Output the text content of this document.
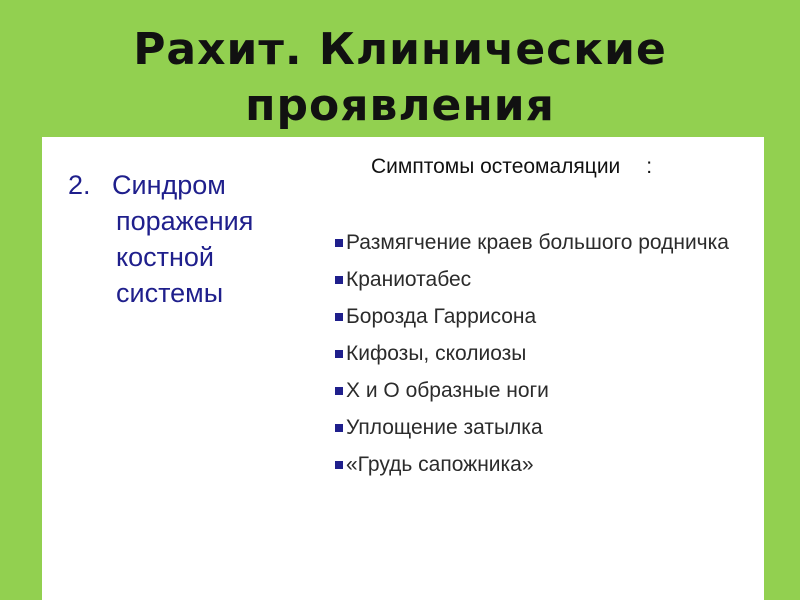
Рахит. Клинические проявления
2. Синдром
поражения костной системы
Симптомы остеомаляции :
Размягчение краев большого родничка
Краниотабес
Борозда Гаррисона
Кифозы, сколиозы
Х и О образные ноги
Уплощение затылка
«Грудь сапожника»
